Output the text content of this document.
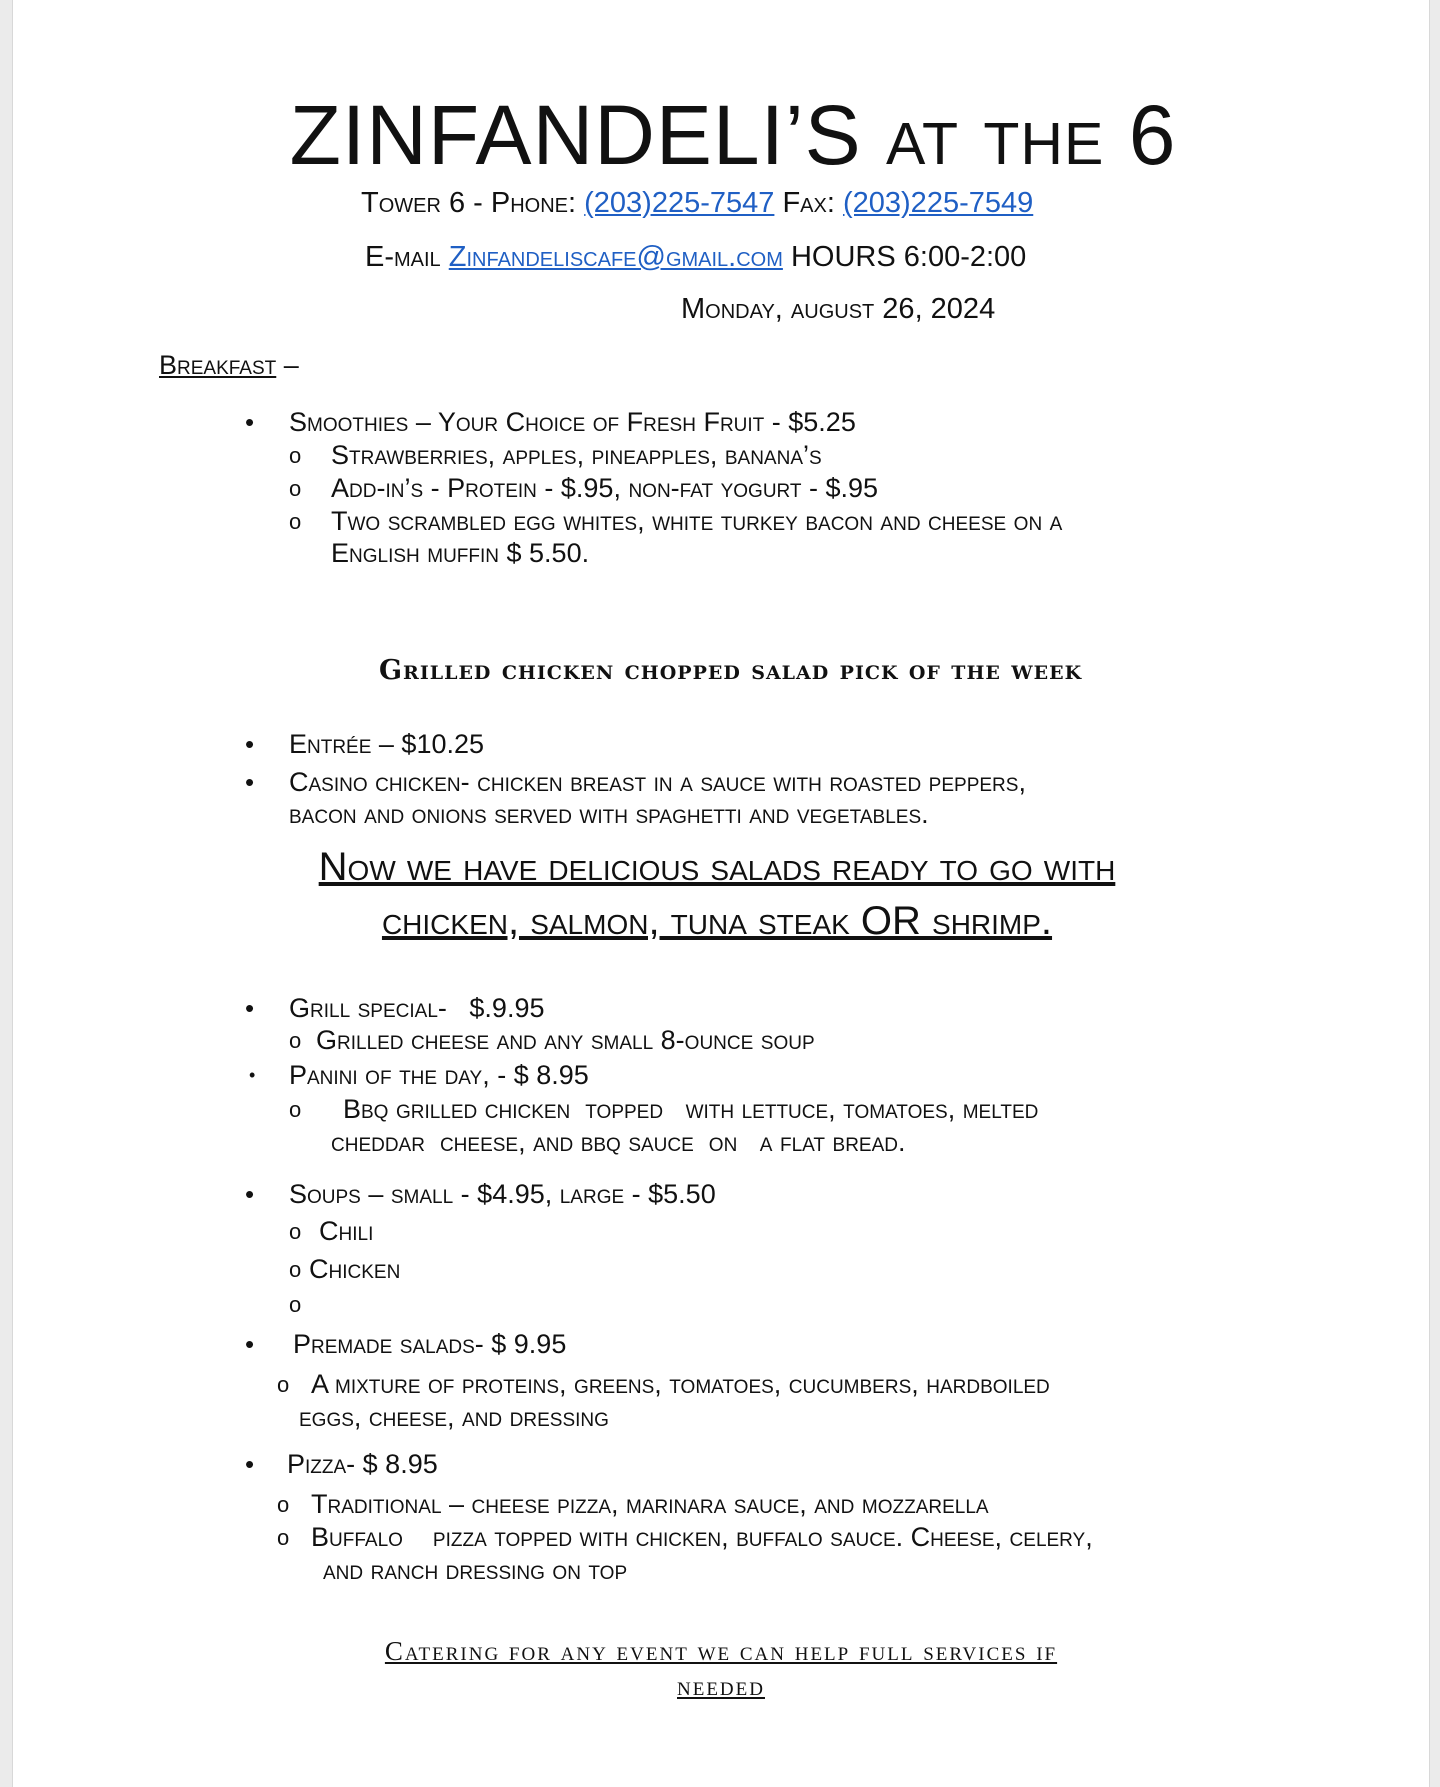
ZINFANDELI’S at the 6
Tower 6 - Phone: (203)225-7547 Fax: (203)225-7549
E-mail Zinfandeliscafe@gmail.com HOURS 6:00-2:00
Monday, august 26, 2024
Breakfast –
• Smoothies – Your Choice of Fresh Fruit - $5.25
o Strawberries, apples, pineapples, banana’s
o Add-in’s - Protein - $.95, non-fat yogurt - $.95
o Two scrambled egg whites, white turkey bacon and cheese on a
English muffin $ 5.50.
Grilled chicken chopped salad pick of the week
• Entrée – $10.25
• Casino chicken- chicken breast in a sauce with roasted peppers,
bacon and onions served with spaghetti and vegetables.
Now we have delicious salads ready to go with
chicken, salmon, tuna steak OR shrimp.
• Grill special- $.9.95
o Grilled cheese and any small 8-ounce soup
• Panini of the day, - $ 8.95
o Bbq grilled chicken  topped   with lettuce, tomatoes, melted
cheddar  cheese, and bbq sauce  on   a flat bread.
• Soups – small - $4.95, large - $5.50
o Chili
o Chicken
o
• Premade salads- $ 9.95
o A mixture of proteins, greens, tomatoes, cucumbers, hardboiled
eggs, cheese, and dressing
• Pizza- $ 8.95
o Traditional – cheese pizza, marinara sauce, and mozzarella
o Buffalo    pizza topped with chicken, buffalo sauce. Cheese, celery,
and ranch dressing on top
Catering for any event we can help full services if
needed
